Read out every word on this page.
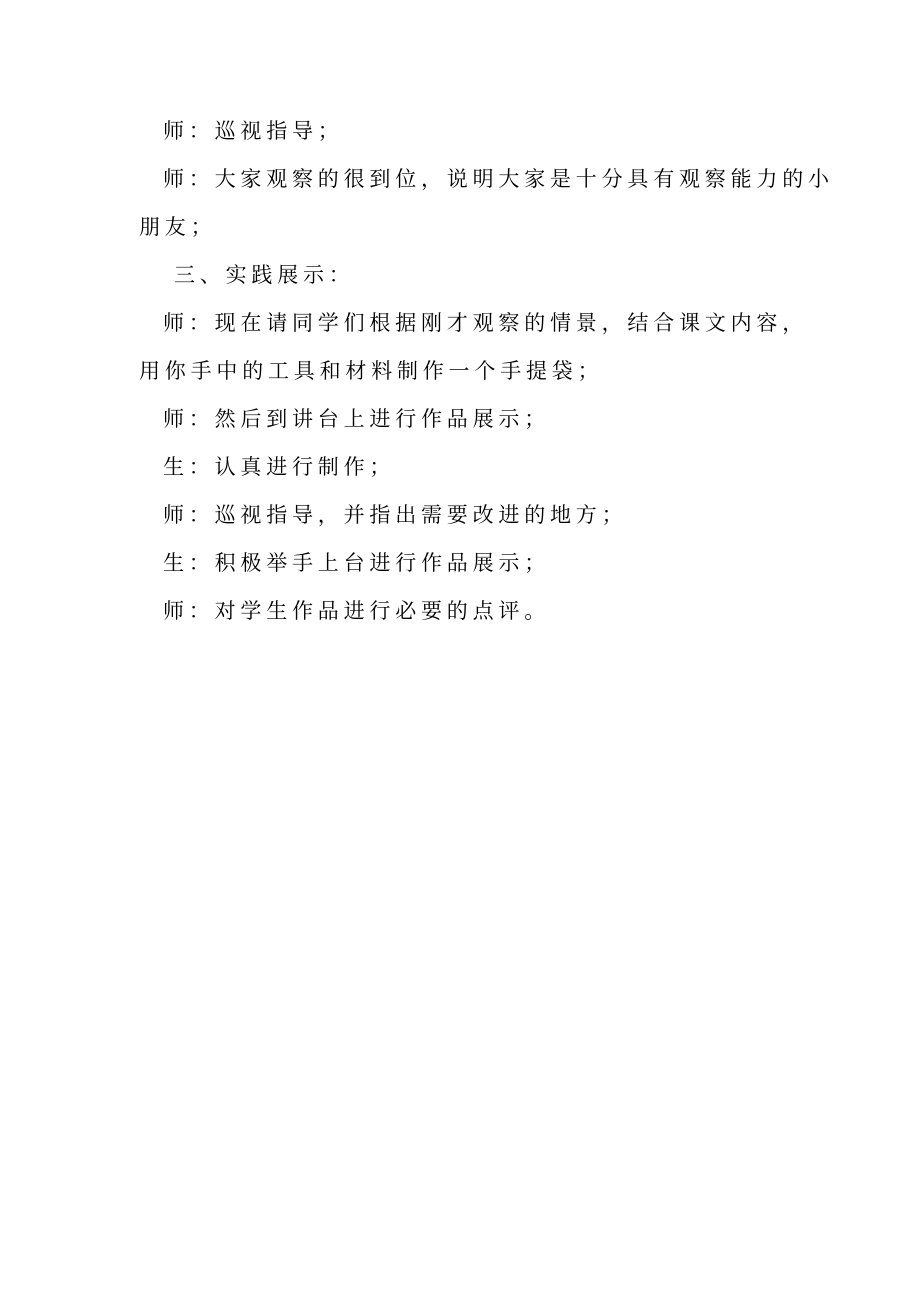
师：巡视指导；
师：大家观察的很到位，说明大家是十分具有观察能力的小
朋友；
三、实践展示：
师：现在请同学们根据刚才观察的情景，结合课文内容，
用你手中的工具和材料制作一个手提袋；
师：然后到讲台上进行作品展示；
生：认真进行制作；
师：巡视指导，并指出需要改进的地方；
生：积极举手上台进行作品展示；
师：对学生作品进行必要的点评。
